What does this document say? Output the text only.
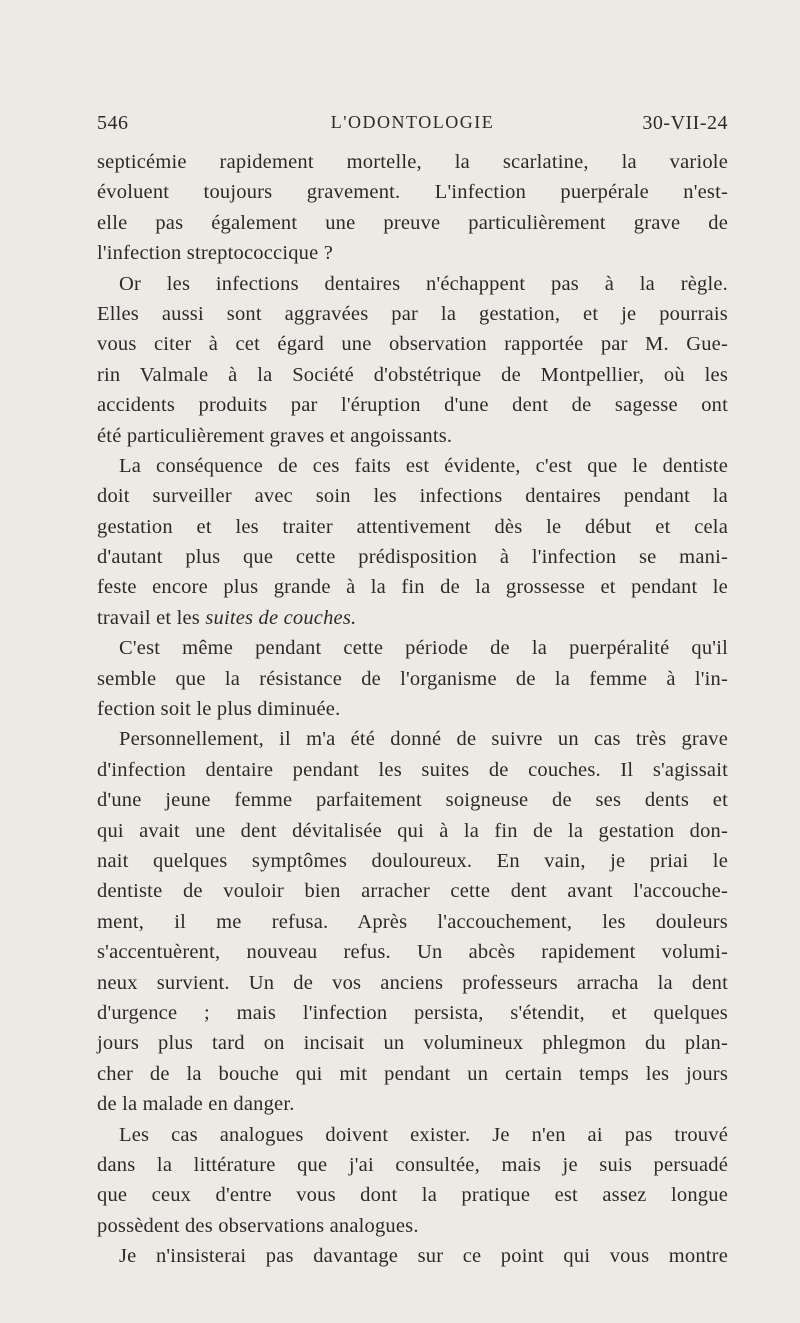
546	L'ODONTOLOGIE	30-VII-24
septicémie rapidement mortelle, la scarlatine, la variole
évoluent toujours gravement. L'infection puerpérale n'est-
elle pas également une preuve particulièrement grave de
l'infection streptococcique ?
Or les infections dentaires n'échappent pas à la règle.
Elles aussi sont aggravées par la gestation, et je pourrais
vous citer à cet égard une observation rapportée par M. Gue-
rin Valmale à la Société d'obstétrique de Montpellier, où les
accidents produits par l'éruption d'une dent de sagesse ont
été particulièrement graves et angoissants.
La conséquence de ces faits est évidente, c'est que le dentiste
doit surveiller avec soin les infections dentaires pendant la
gestation et les traiter attentivement dès le début et cela
d'autant plus que cette prédisposition à l'infection se mani-
feste encore plus grande à la fin de la grossesse et pendant le
travail et les suites de couches.
C'est même pendant cette période de la puerpéralité qu'il
semble que la résistance de l'organisme de la femme à l'in-
fection soit le plus diminuée.
Personnellement, il m'a été donné de suivre un cas très grave
d'infection dentaire pendant les suites de couches. Il s'agissait
d'une jeune femme parfaitement soigneuse de ses dents et
qui avait une dent dévitalisée qui à la fin de la gestation don-
nait quelques symptômes douloureux. En vain, je priai le
dentiste de vouloir bien arracher cette dent avant l'accouche-
ment, il me refusa. Après l'accouchement, les douleurs
s'accentuèrent, nouveau refus. Un abcès rapidement volumi-
neux survient. Un de vos anciens professeurs arracha la dent
d'urgence ; mais l'infection persista, s'étendit, et quelques
jours plus tard on incisait un volumineux phlegmon du plan-
cher de la bouche qui mit pendant un certain temps les jours
de la malade en danger.
Les cas analogues doivent exister. Je n'en ai pas trouvé
dans la littérature que j'ai consultée, mais je suis persuadé
que ceux d'entre vous dont la pratique est assez longue
possèdent des observations analogues.
Je n'insisterai pas davantage sur ce point qui vous montre
